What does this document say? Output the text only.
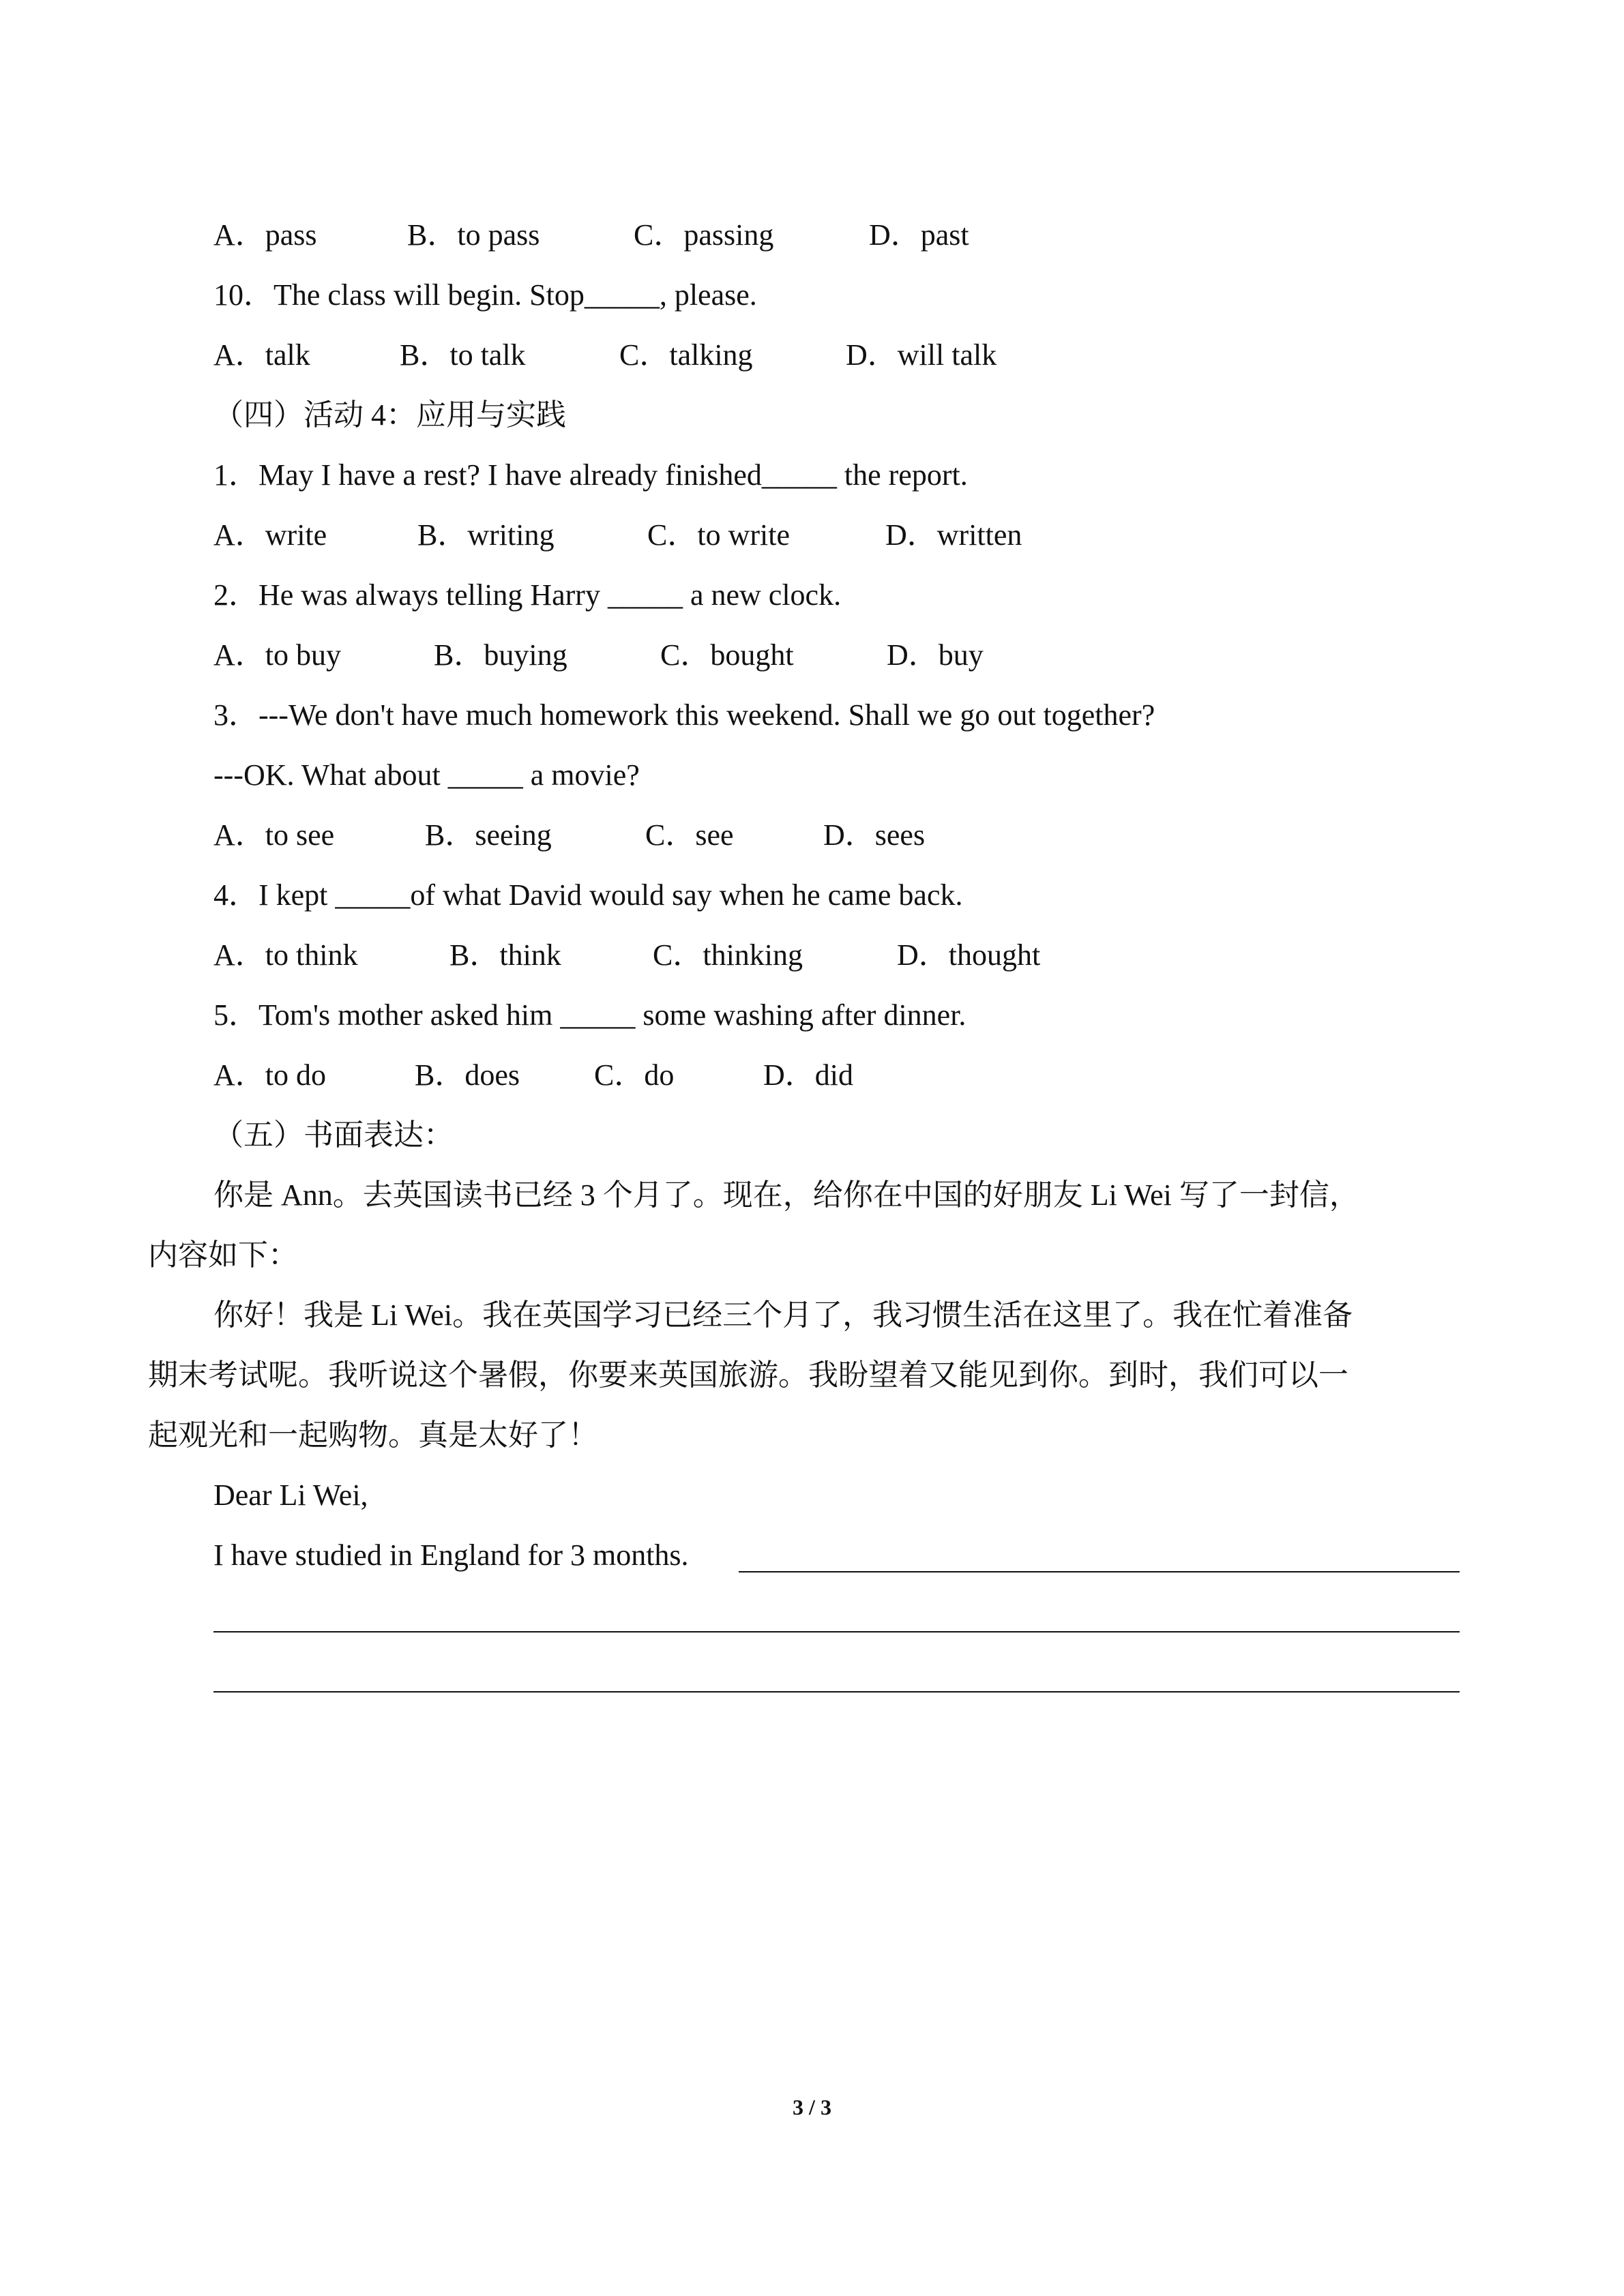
A．pass	B．to pass	C．passing	D．past
10．The class will begin. Stop_____, please.
A．talk	B．to talk	C．talking	D．will talk
（四）活动 4：应用与实践
1．May I have a rest? I have already finished_____ the report.
A．write	B．writing	C．to write	D．written
2．He was always telling Harry _____ a new clock.
A．to buy	B．buying	C．bought	D．buy
3．---We don't have much homework this weekend. Shall we go out together?
---OK. What about _____ a movie?
A．to see	B．seeing	C．see	D．sees
4．I kept _____of what David would say when he came back.
A．to think	B．think	C．thinking	D．thought
5．Tom's mother asked him _____ some washing after dinner.
A．to do	B．does C．do	D．did
（五）书面表达：
你是 Ann。去英国读书已经 3 个月了。现在，给你在中国的好朋友 Li Wei 写了一封信，
内容如下：
你好！我是 Li Wei。我在英国学习已经三个月了，我习惯生活在这里了。我在忙着准备
期末考试呢。我听说这个暑假，你要来英国旅游。我盼望着又能见到你。到时，我们可以一
起观光和一起购物。真是太好了！
Dear Li Wei,
I have studied in England for 3 months.
3 / 3
